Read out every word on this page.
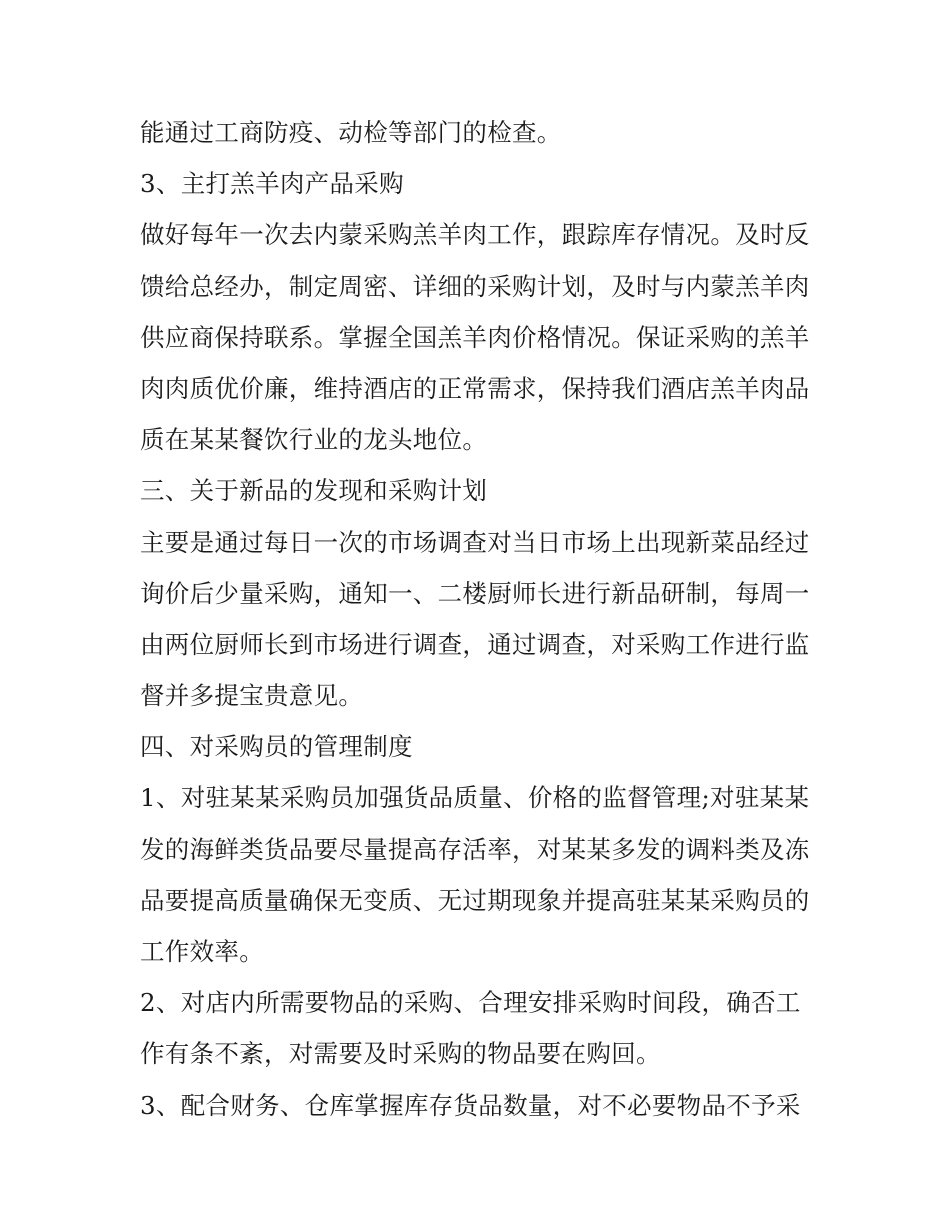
能通过工商防疫、动检等部门的检查。
3、主打羔羊肉产品采购
做好每年一次去内蒙采购羔羊肉工作，跟踪库存情况。及时反
馈给总经办，制定周密、详细的采购计划，及时与内蒙羔羊肉
供应商保持联系。掌握全国羔羊肉价格情况。保证采购的羔羊
肉肉质优价廉，维持酒店的正常需求，保持我们酒店羔羊肉品
质在某某餐饮行业的龙头地位。
三、关于新品的发现和采购计划
主要是通过每日一次的市场调查对当日市场上出现新菜品经过
询价后少量采购，通知一、二楼厨师长进行新品研制，每周一
由两位厨师长到市场进行调查，通过调查，对采购工作进行监
督并多提宝贵意见。
四、对采购员的管理制度
1、对驻某某采购员加强货品质量、价格的监督管理;对驻某某
发的海鲜类货品要尽量提高存活率，对某某多发的调料类及冻
品要提高质量确保无变质、无过期现象并提高驻某某采购员的
工作效率。
2、对店内所需要物品的采购、合理安排采购时间段，确否工
作有条不紊，对需要及时采购的物品要在购回。
3、配合财务、仓库掌握库存货品数量，对不必要物品不予采
